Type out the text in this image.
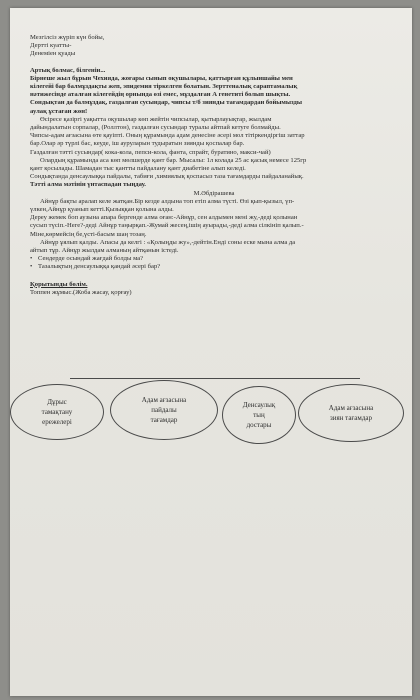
Мезгілсіз жүріп күн бойы,
Дерттi куатты-
Денеміен қуады
Артық болмас, білгенін...
Бірнеше жыл бұрын Чехияда, жоғары сынып оқушылары, қаттырған құлыншайы мен
кілегейі бар балмұздақты жеп, эпидемия тіркелген болатын. Зерттеналық сараптамалық
нәтижесінде аталған кілегейдің орнында өзі емес, мұздалған А генетиті болып шықты.
Сондықтан да балмұздақ, газдалған сусындар, чипсы т/б зиянды тағамдардан бойымызды
аулақ ұстаған жөн!
Өсіресе қазіргі уақытта оқушылар көп жейтін чипсылар, қытырлауықтар, жылдам
дайындалатын сорпалар, (Роллтон), газдалған сусындар туралы айтпай кетуге болмайды.
Чипсы-адам ағзасына өте қауіпті. Оның құрамында адам денесіне әсері мол тітіркендіргіш заттар
бар.Олар әр түрлі бас, кеуде, іш ауруларын тудыратын зиянды қоспалар бар.
Газдалған тәтті сусындар( кока-кола, пепси-кола, фанта, спрайт, буратино, макси-чай)
Олардың құрамында аса көп мөлшерде қант бар. Мысалы: 1л колада 25 ас қасық немесе 125гр
қант қосылады. Шамадан тыс қантты пайдалану қант диабетіне алып келеді.
Сондықтанда денсаулыққа пайдалы, табиғи ,химиялық қоспасыз таза тағамдарды пайдаланайық.
Тәтті алма мәтінін үнтаспадан тыңдау.
М.Әбдірашева
Айнұр бақты аралап келе жатқан.Бір кезде алдына топ етіп алма түсті. Өзі қып-қызыл, үп-
үлкен,Айнұр қуанып кетті.Қызыққан қолына алды.
Дереу жемек боп аузына апара бергенде алма оған:-Айнұр, сен алдымен мені жу,-деді қолынан
сусып түсіп.-Неге?-деді Айнұр таңырқап.-Жумай жесең,ішің ауырады,-деді алма сілкініп қалып.-
Міне,көрмейсің бе,үсті-басым шаң тозаң.
Айнұр ұялып қалды. Апасы да келгі : «Қолыңды жу»,-дейтін.Енді соны еске мына алма да
айтып тұр. Айнұр жылдам алманың айтқанын істеді.
• Сендерде осындай жағдай болды ма?
• Тазалықтың денсаулыққа қандай әсері бар?
Қорытынды бөлім.
Топпен жұмыс.(Жоба жасау, қорғау)
Дұрыс
тамақтану
ережелері
Адам ағзасына
пайдалы
тағамдар
Денсаулық
тың
достары
Адам ағзасына
зиян тағамдар
